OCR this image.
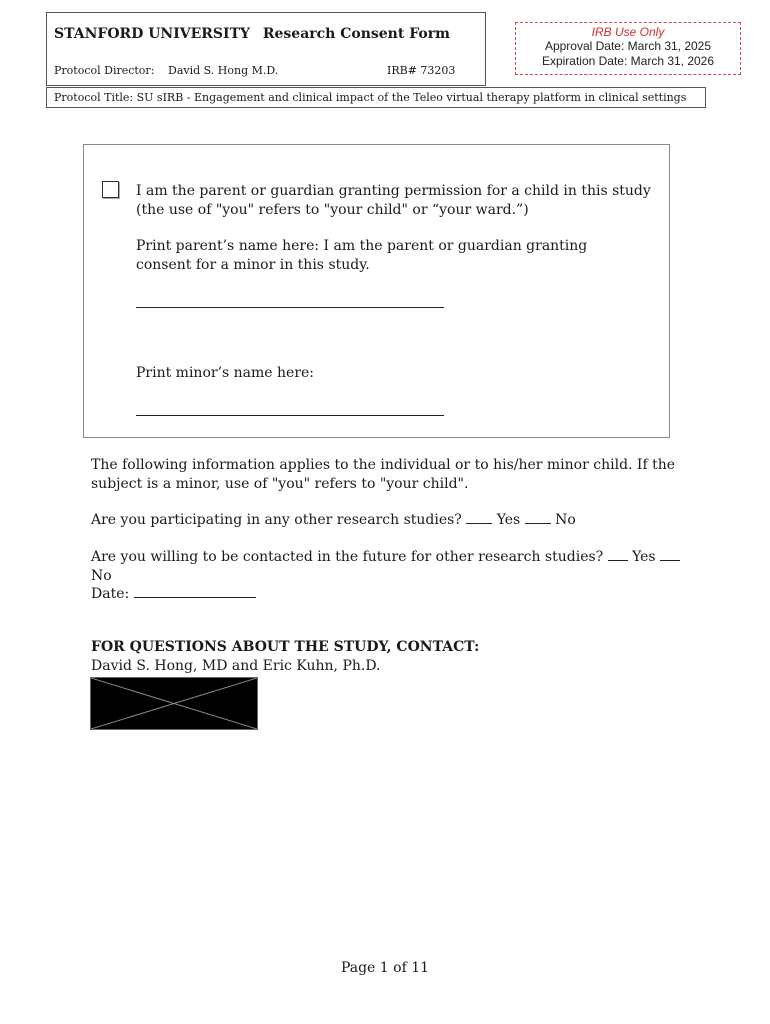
STANFORD UNIVERSITY Research Consent Form
Protocol Director: David S. Hong M.D.	IRB# 73203
IRB Use Only
Approval Date: March 31, 2025
Expiration Date: March 31, 2026
Protocol Title: SU sIRB - Engagement and clinical impact of the Teleo virtual therapy platform in clinical settings
I am the parent or guardian granting permission for a child in this study
(the use of "you" refers to "your child" or “your ward.”)
Print parent’s name here: I am the parent or guardian granting consent for a minor in this study.
Print minor’s name here:
The following information applies to the individual or to his/her minor child. If the subject is a minor, use of "you" refers to "your child".
Are you participating in any other research studies? Yes No
Are you willing to be contacted in the future for other research studies? Yes  No
Date:
FOR QUESTIONS ABOUT THE STUDY, CONTACT:
David S. Hong, MD and Eric Kuhn, Ph.D.
Page 1 of 11
